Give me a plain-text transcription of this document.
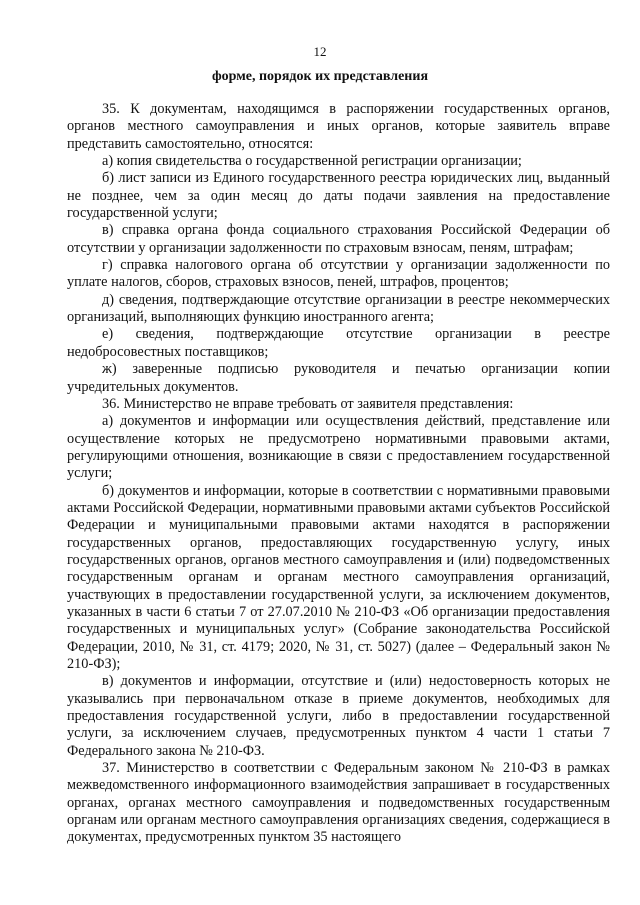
12
форме, порядок их представления

35. К документам, находящимся в распоряжении государственных органов, органов местного самоуправления и иных органов, которые заявитель вправе представить самостоятельно, относятся:

а) копия свидетельства о государственной регистрации организации;

б) лист записи из Единого государственного реестра юридических лиц, выданный не позднее, чем за один месяц до даты подачи заявления на предоставление государственной услуги;

в) справка органа фонда социального страхования Российской Федерации об отсутствии у организации задолженности по страховым взносам, пеням, штрафам;

г) справка налогового органа об отсутствии у организации задолженности по уплате налогов, сборов, страховых взносов, пеней, штрафов, процентов;

д) сведения, подтверждающие отсутствие организации в реестре некоммерческих организаций, выполняющих функцию иностранного агента;

е) сведения, подтверждающие отсутствие организации в реестре недобросовестных поставщиков;

ж) заверенные подписью руководителя и печатью организации копии учредительных документов.

36. Министерство не вправе требовать от заявителя представления:

а) документов и информации или осуществления действий, представление или осуществление которых не предусмотрено нормативными правовыми актами, регулирующими отношения, возникающие в связи с предоставлением государственной услуги;

б) документов и информации, которые в соответствии с нормативными правовыми актами Российской Федерации, нормативными правовыми актами субъектов Российской Федерации и муниципальными правовыми актами находятся в распоряжении государственных органов, предоставляющих государственную услугу, иных государственных органов, органов местного самоуправления и (или) подведомственных государственным органам и органам местного самоуправления организаций, участвующих в предоставлении государственной услуги, за исключением документов, указанных в части 6 статьи 7 от 27.07.2010 № 210-ФЗ «Об организации предоставления государственных и муниципальных услуг» (Собрание законодательства Российской Федерации, 2010, № 31, ст. 4179; 2020, № 31, ст. 5027) (далее – Федеральный закон № 210-ФЗ);

в) документов и информации, отсутствие и (или) недостоверность которых не указывались при первоначальном отказе в приеме документов, необходимых для предоставления государственной услуги, либо в предоставлении государственной услуги, за исключением случаев, предусмотренных пунктом 4 части 1 статьи 7 Федерального закона № 210-ФЗ.

37. Министерство в соответствии с Федеральным законом № 210-ФЗ в рамках межведомственного информационного взаимодействия запрашивает в государственных органах, органах местного самоуправления и подведомственных государственным органам или органам местного самоуправления организациях сведения, содержащиеся в документах, предусмотренных пунктом 35 настоящего
